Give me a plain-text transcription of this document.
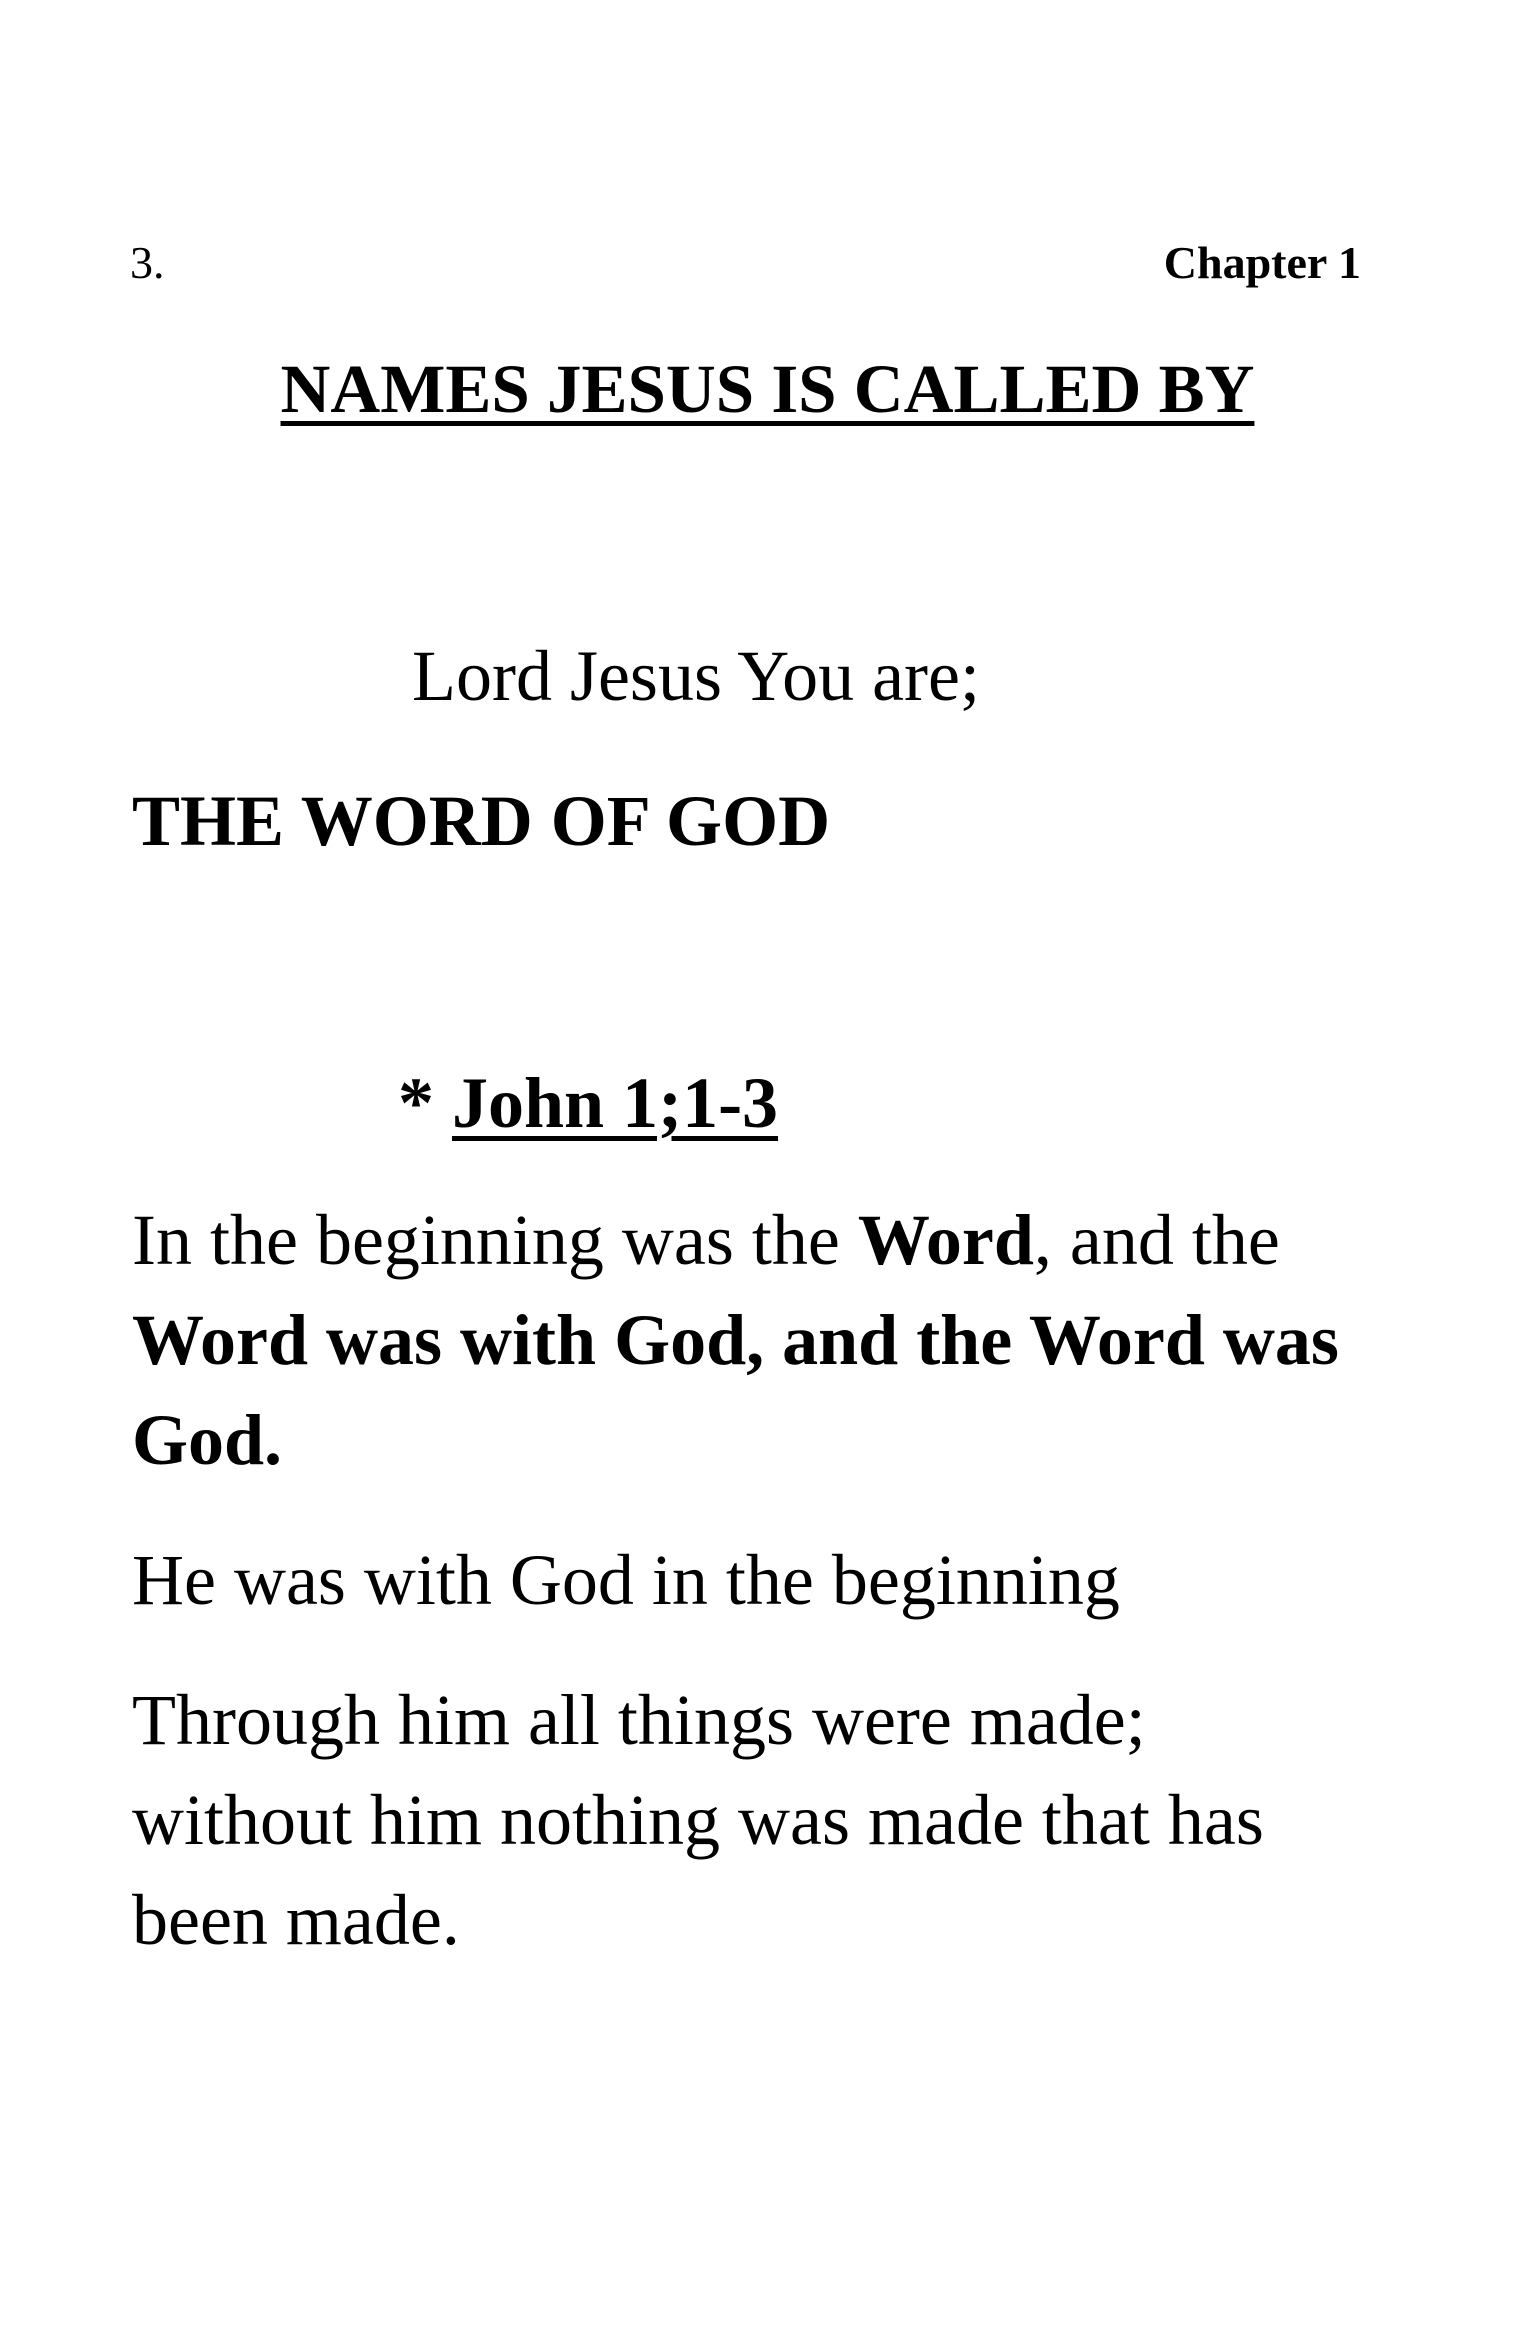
3.	Chapter 1
NAMES JESUS IS CALLED BY
Lord Jesus You are;
THE WORD OF GOD
* John 1;1-3
In the beginning was the Word, and the
Word was with God, and the Word was
God.
He was with God in the beginning
Through him all things were made;
without him nothing was made that has
been made.
